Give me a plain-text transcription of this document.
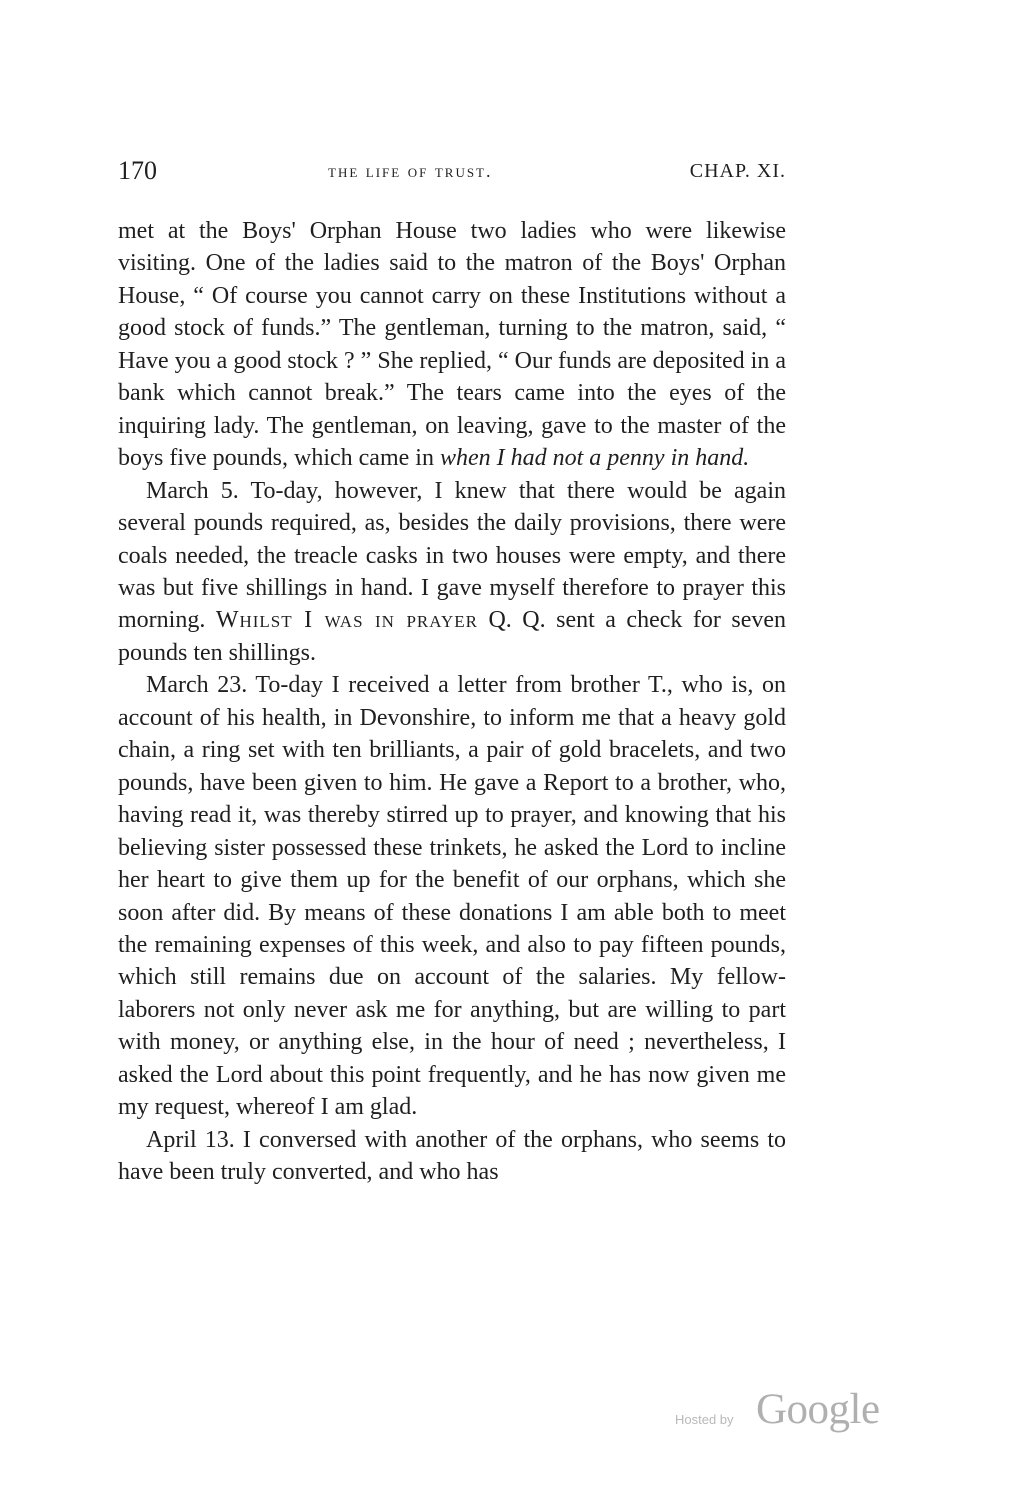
170	the life of trust.	CHAP. XI.

met at the Boys' Orphan House two ladies who were likewise visiting. One of the ladies said to the matron of the Boys' Orphan House, “ Of course you cannot carry on these Institutions without a good stock of funds.” The gentleman, turning to the matron, said, “ Have you a good stock ? ” She replied, “ Our funds are deposited in a bank which cannot break.” The tears came into the eyes of the inquiring lady. The gentleman, on leaving, gave to the master of the boys five pounds, which came in when I had not a penny in hand.

March 5. To-day, however, I knew that there would be again several pounds required, as, besides the daily provisions, there were coals needed, the treacle casks in two houses were empty, and there was but five shillings in hand. I gave myself therefore to prayer this morning. Whilst I was in prayer Q. Q. sent a check for seven pounds ten shillings.

March 23. To-day I received a letter from brother T., who is, on account of his health, in Devonshire, to inform me that a heavy gold chain, a ring set with ten brilliants, a pair of gold bracelets, and two pounds, have been given to him. He gave a Report to a brother, who, having read it, was thereby stirred up to prayer, and knowing that his believing sister possessed these trinkets, he asked the Lord to incline her heart to give them up for the benefit of our orphans, which she soon after did. By means of these donations I am able both to meet the remaining expenses of this week, and also to pay fifteen pounds, which still remains due on account of the salaries. My fellow-laborers not only never ask me for anything, but are willing to part with money, or anything else, in the hour of need ; nevertheless, I asked the Lord about this point frequently, and he has now given me my request, whereof I am glad.

April 13. I conversed with another of the orphans, who seems to have been truly converted, and who has

Hosted by Google
